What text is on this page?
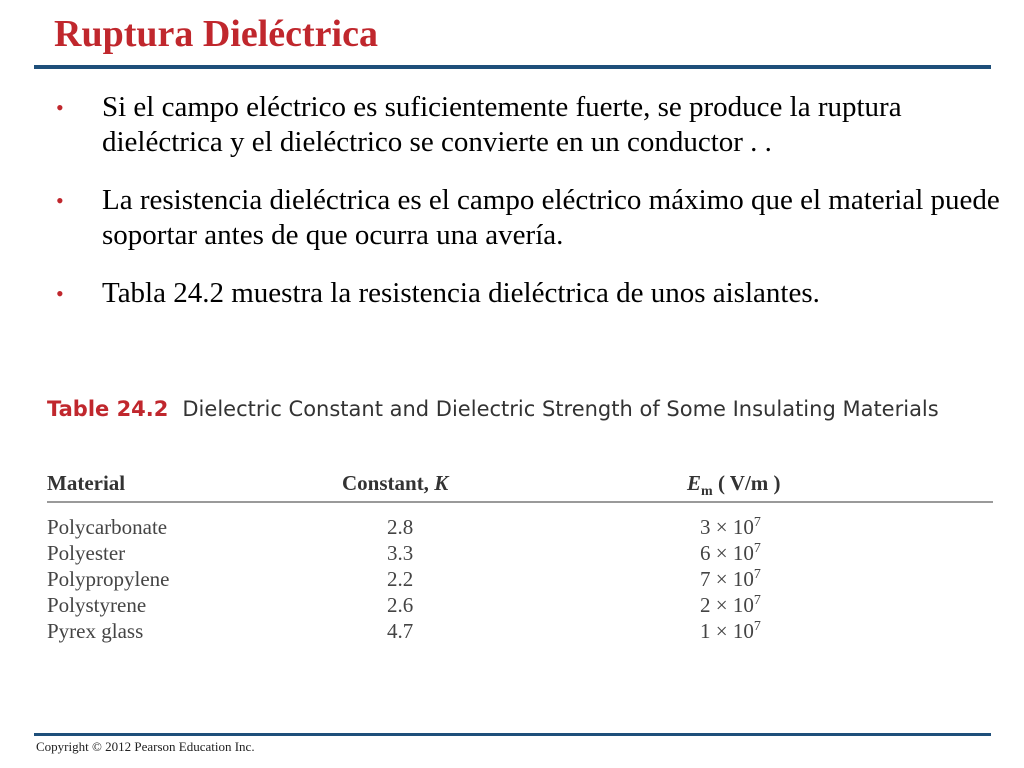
Ruptura Dieléctrica
• Si el campo eléctrico es suficientemente fuerte, se produce la ruptura dieléctrica y el dieléctrico se convierte en un conductor . .
• La resistencia dieléctrica es el campo eléctrico máximo que el material puede soportar antes de que ocurra una avería.
• Tabla 24.2 muestra la resistencia dieléctrica de unos aislantes.
Table 24.2 Dielectric Constant and Dielectric Strength of Some Insulating Materials
Material	Constant, K	$E_m$ ( V/m )
Polycarbonate	2.8	$3 \times 10^7$
Polyester	3.3	$6 \times 10^7$
Polypropylene	2.2	$7 \times 10^7$
Polystyrene	2.6	$2 \times 10^7$
Pyrex glass	4.7	$1 \times 10^7$
Copyright © 2012 Pearson Education Inc.
